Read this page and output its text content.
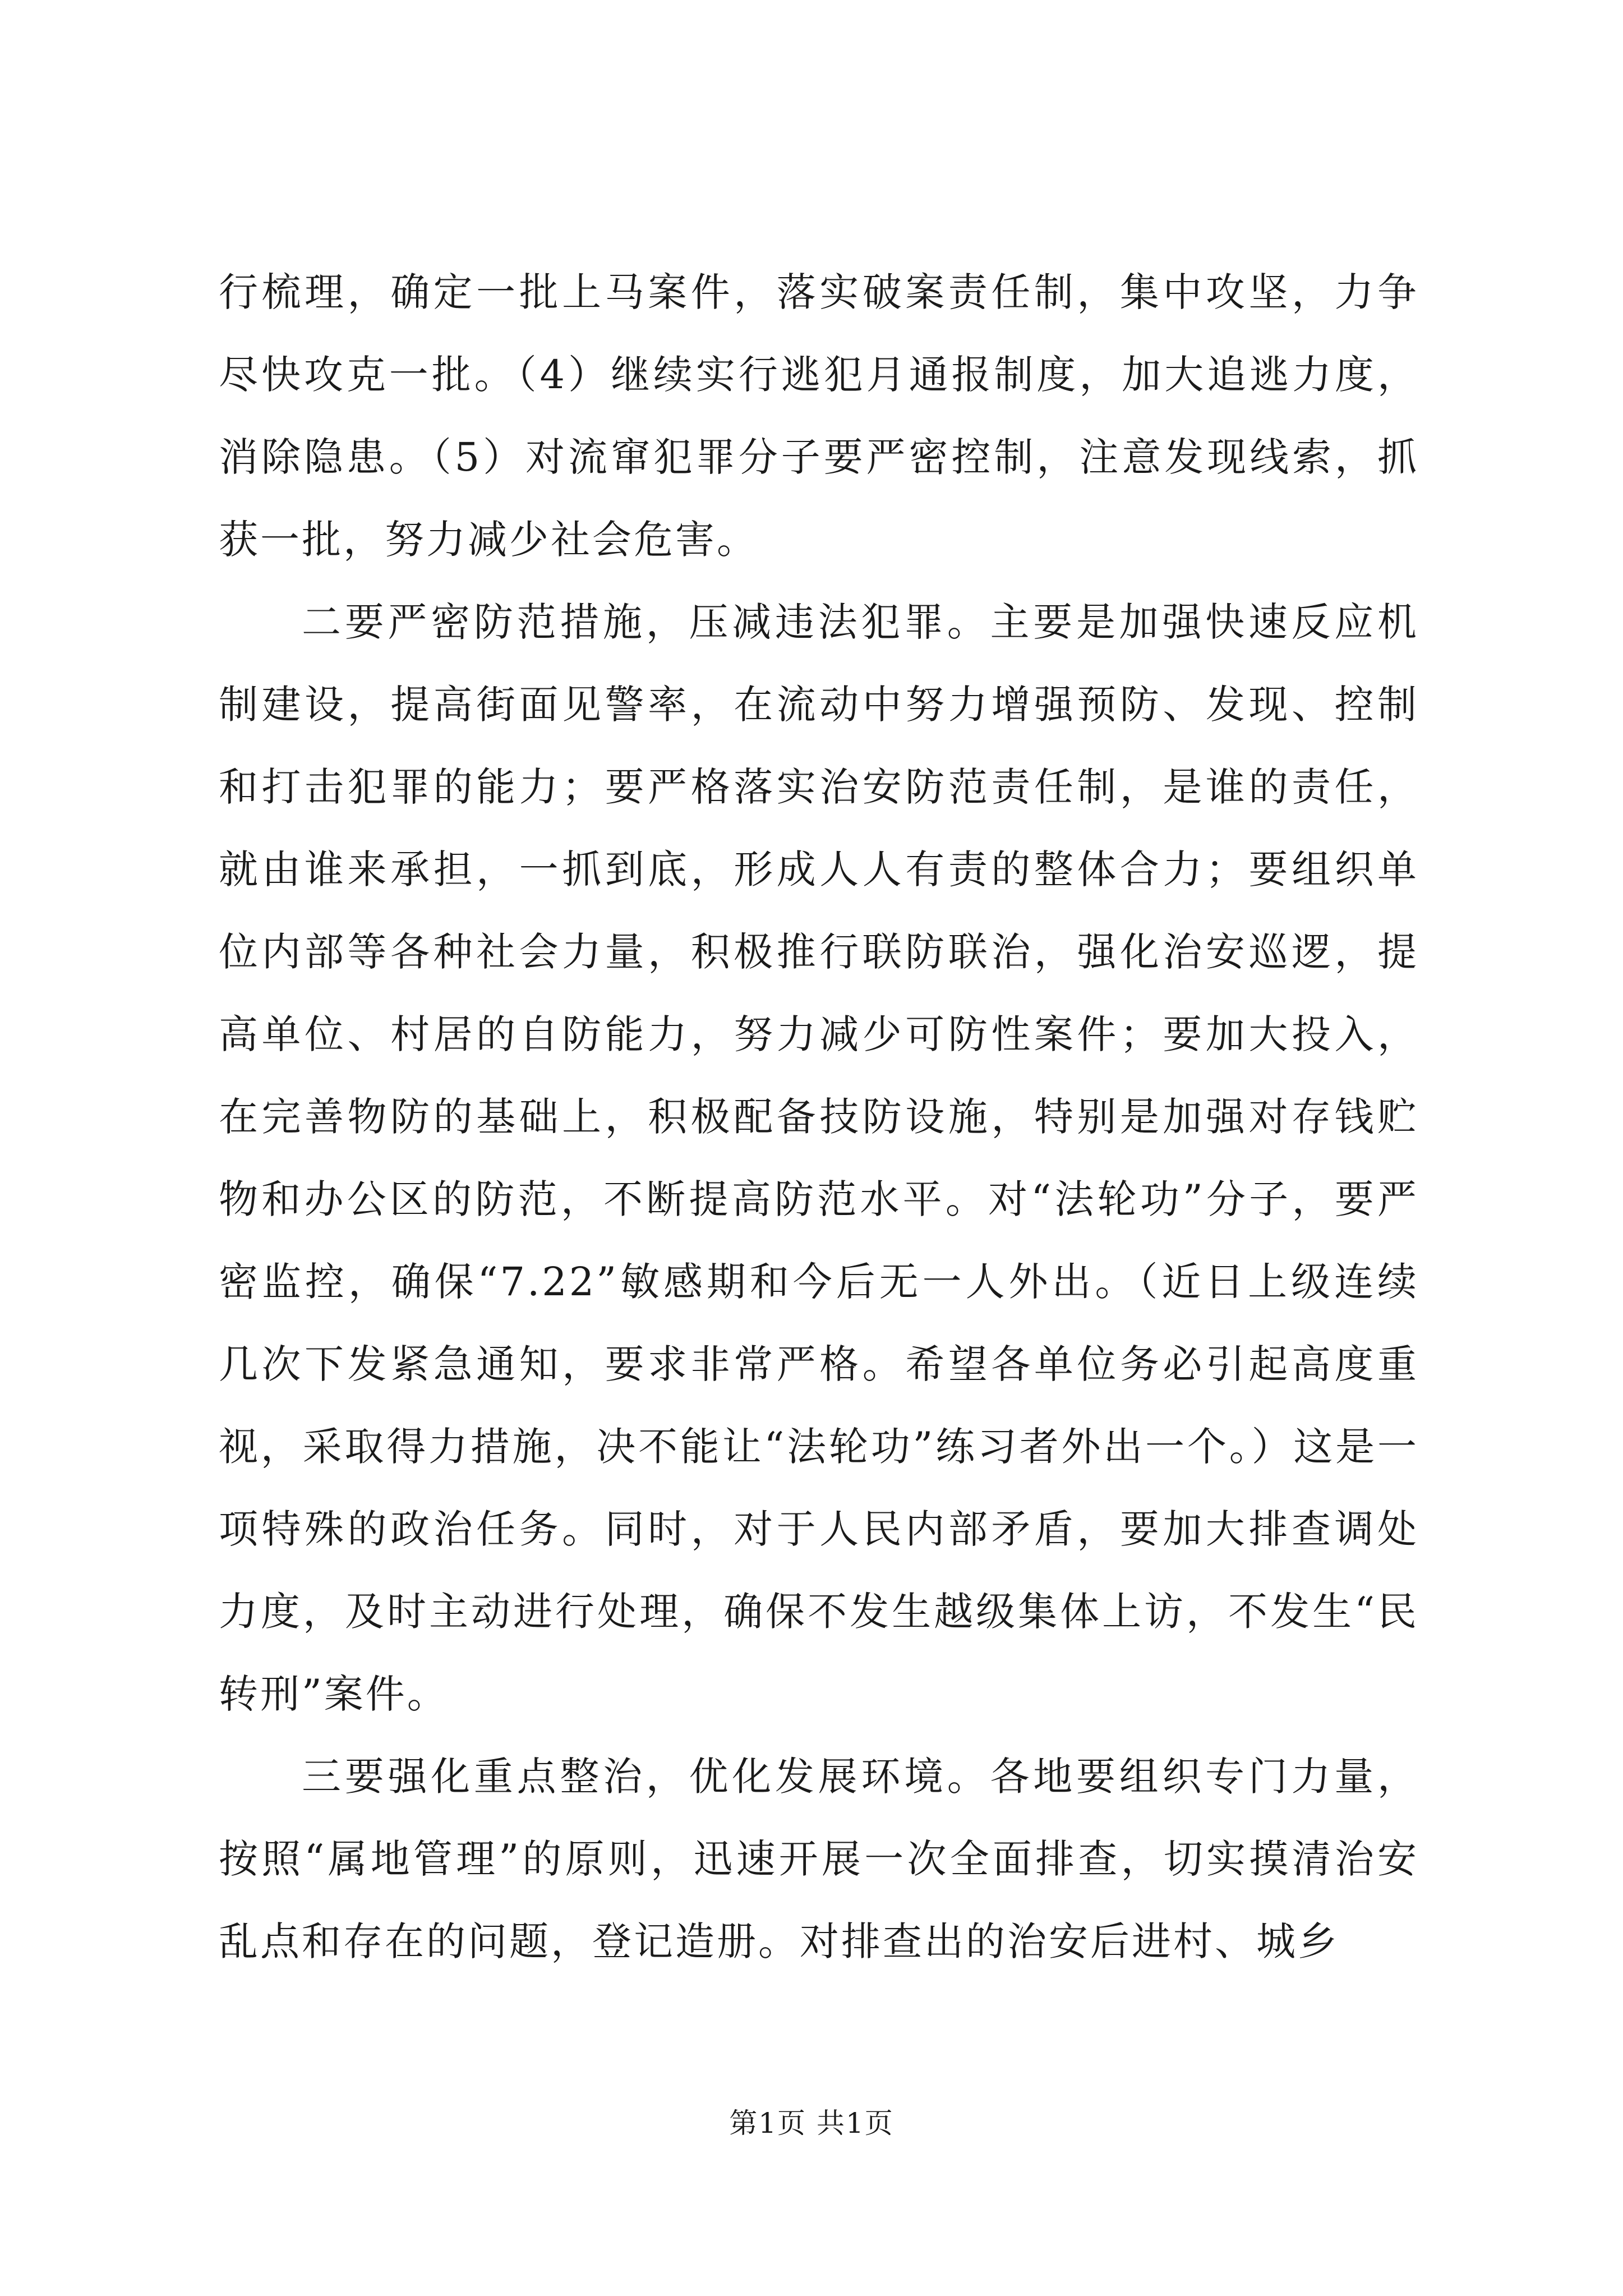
行梳理，确定一批上马案件，落实破案责任制，集中攻坚，力争尽快攻克一批。（4）继续实行逃犯月通报制度，加大追逃力度，消除隐患。（5）对流窜犯罪分子要严密控制，注意发现线索，抓获一批，努力减少社会危害。

二要严密防范措施，压减违法犯罪。主要是加强快速反应机制建设，提高街面见警率，在流动中努力增强预防、发现、控制和打击犯罪的能力；要严格落实治安防范责任制，是谁的责任，就由谁来承担，一抓到底，形成人人有责的整体合力；要组织单位内部等各种社会力量，积极推行联防联治，强化治安巡逻，提高单位、村居的自防能力，努力减少可防性案件；要加大投入，在完善物防的基础上，积极配备技防设施，特别是加强对存钱贮物和办公区的防范，不断提高防范水平。对“法轮功”分子，要严密监控，确保“7.22”敏感期和今后无一人外出。（近日上级连续几次下发紧急通知，要求非常严格。希望各单位务必引起高度重视，采取得力措施，决不能让“法轮功”练习者外出一个。）这是一项特殊的政治任务。同时，对于人民内部矛盾，要加大排查调处力度，及时主动进行处理，确保不发生越级集体上访，不发生“民转刑”案件。

三要强化重点整治，优化发展环境。各地要组织专门力量，按照“属地管理”的原则，迅速开展一次全面排查，切实摸清治安乱点和存在的问题，登记造册。对排查出的治安后进村、城乡

第1页 共1页
